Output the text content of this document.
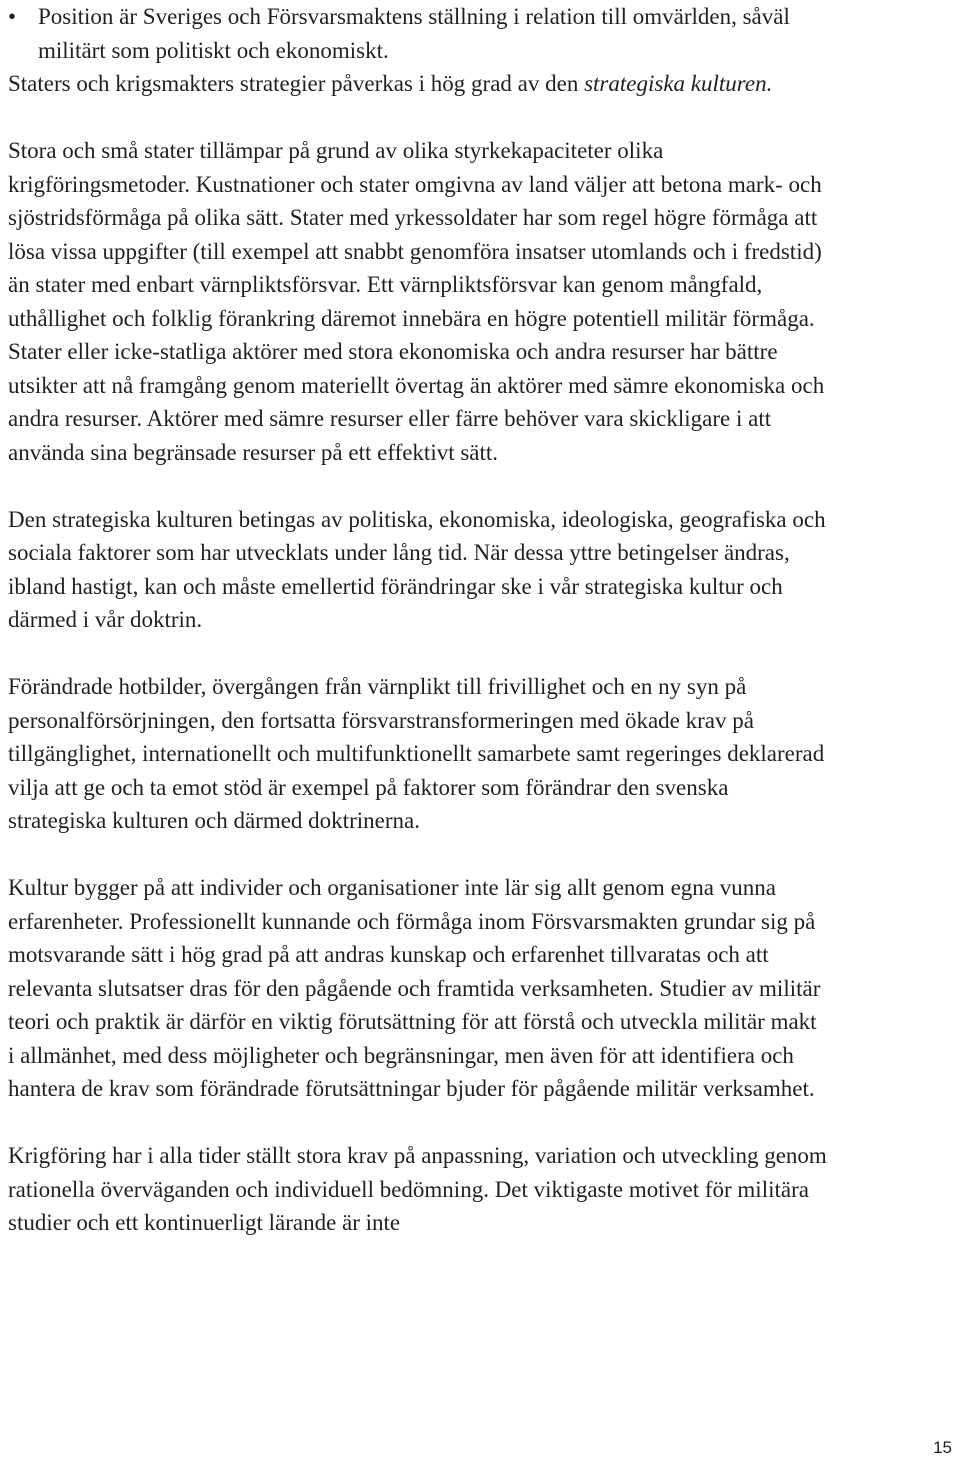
• Position är Sveriges och Försvarsmaktens ställning i relation till omvärlden, såväl militärt som politiskt och ekonomiskt.

Staters och krigsmakters strategier påverkas i hög grad av den strategiska kulturen.

Stora och små stater tillämpar på grund av olika styrkekapaciteter olika krigföringsmetoder. Kustnationer och stater omgivna av land väljer att betona mark- och sjöstridsförmåga på olika sätt. Stater med yrkessoldater har som regel högre förmåga att lösa vissa uppgifter (till exempel att snabbt genomföra insatser utomlands och i fredstid) än stater med enbart värnpliktsförsvar. Ett värnpliktsförsvar kan genom mångfald, uthållighet och folklig förankring däremot innebära en högre potentiell militär förmåga. Stater eller icke-statliga aktörer med stora ekonomiska och andra resurser har bättre utsikter att nå framgång genom materiellt övertag än aktörer med sämre ekonomiska och andra resurser. Aktörer med sämre resurser eller färre behöver vara skickligare i att använda sina begränsade resurser på ett effektivt sätt.

Den strategiska kulturen betingas av politiska, ekonomiska, ideologiska, geografiska och sociala faktorer som har utvecklats under lång tid. När dessa yttre betingelser ändras, ibland hastigt, kan och måste emellertid förändringar ske i vår strategiska kultur och därmed i vår doktrin.

Förändrade hotbilder, övergången från värnplikt till frivillighet och en ny syn på personalförsörjningen, den fortsatta försvarstransformeringen med ökade krav på tillgänglighet, internationellt och multifunktionellt samarbete samt regeringes deklarerad vilja att ge och ta emot stöd är exempel på faktorer som förändrar den svenska strategiska kulturen och därmed doktrinerna.

Kultur bygger på att individer och organisationer inte lär sig allt genom egna vunna erfarenheter. Professionellt kunnande och förmåga inom Försvarsmakten grundar sig på motsvarande sätt i hög grad på att andras kunskap och erfarenhet tillvaratas och att relevanta slutsatser dras för den pågående och framtida verksamheten. Studier av militär teori och praktik är därför en viktig förutsättning för att förstå och utveckla militär makt i allmänhet, med dess möjligheter och begränsningar, men även för att identifiera och hantera de krav som förändrade förutsättningar bjuder för pågående militär verksamhet.

Krigföring har i alla tider ställt stora krav på anpassning, variation och utveckling genom rationella överväganden och individuell bedömning. Det viktigaste motivet för militära studier och ett kontinuerligt lärande är inte

15
